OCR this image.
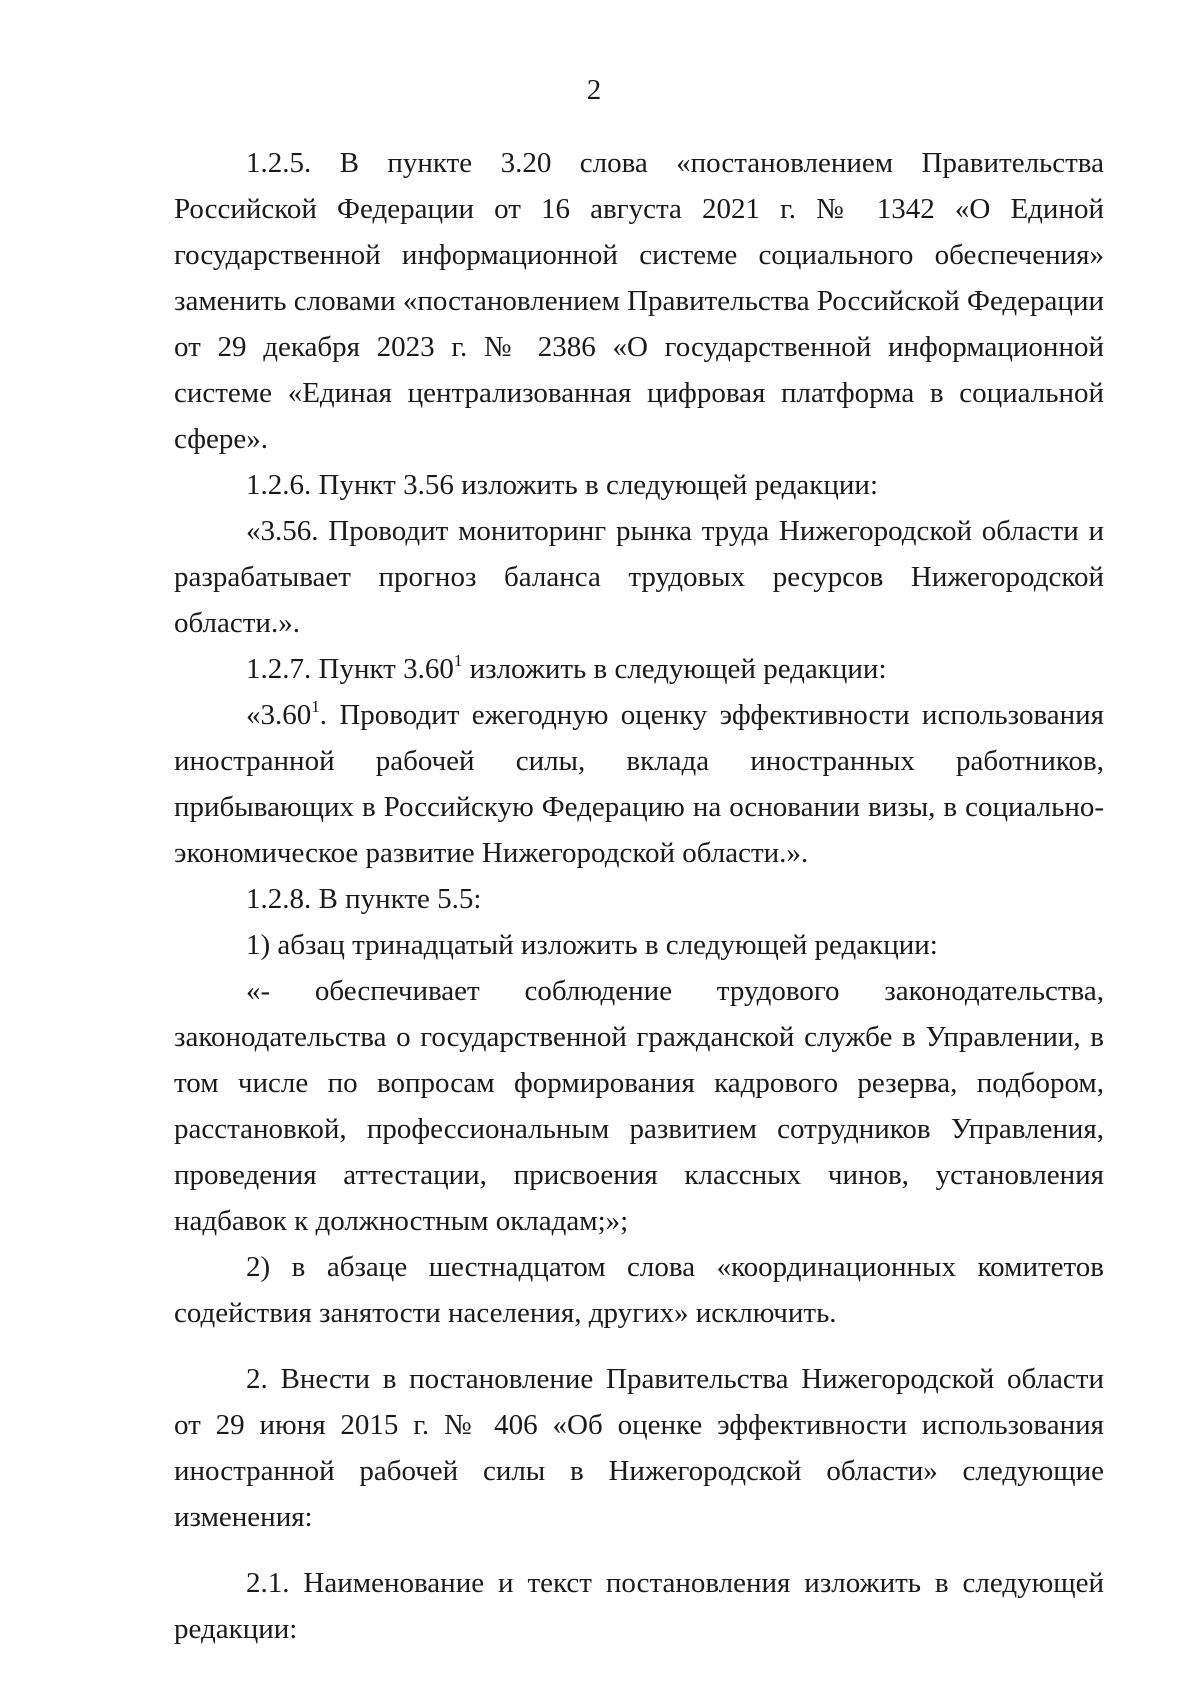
2

1.2.5. В пункте 3.20 слова «постановлением Правительства Российской Федерации от 16 августа 2021 г. № 1342 «О Единой государственной информационной системе социального обеспечения» заменить словами «постановлением Правительства Российской Федерации от 29 декабря 2023 г. № 2386 «О государственной информационной системе «Единая централизованная цифровая платформа в социальной сфере».

1.2.6. Пункт 3.56 изложить в следующей редакции:

«3.56. Проводит мониторинг рынка труда Нижегородской области и разрабатывает прогноз баланса трудовых ресурсов Нижегородской области.».

1.2.7. Пункт 3.60$^1$ изложить в следующей редакции:

«3.60$^1$. Проводит ежегодную оценку эффективности использования иностранной рабочей силы, вклада иностранных работников, прибывающих в Российскую Федерацию на основании визы, в социально-экономическое развитие Нижегородской области.».

1.2.8. В пункте 5.5:

1) абзац тринадцатый изложить в следующей редакции:

«- обеспечивает соблюдение трудового законодательства, законодательства о государственной гражданской службе в Управлении, в том числе по вопросам формирования кадрового резерва, подбором, расстановкой, профессиональным развитием сотрудников Управления, проведения аттестации, присвоения классных чинов, установления надбавок к должностным окладам;»;

2) в абзаце шестнадцатом слова «координационных комитетов содействия занятости населения, других» исключить.

2. Внести в постановление Правительства Нижегородской области от 29 июня 2015 г. № 406 «Об оценке эффективности использования иностранной рабочей силы в Нижегородской области» следующие изменения:

2.1. Наименование и текст постановления изложить в следующей редакции:
